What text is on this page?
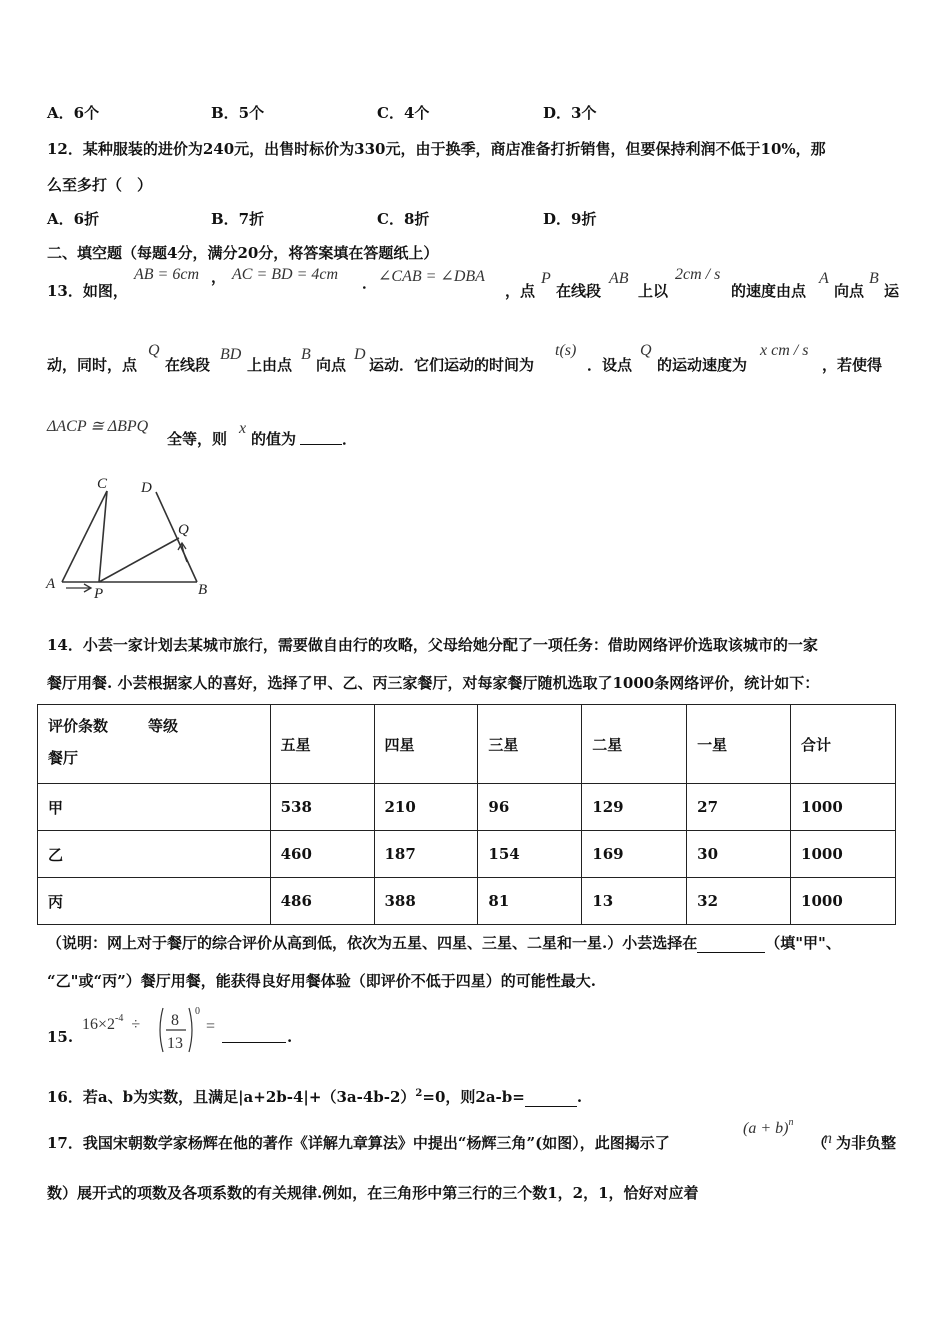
A．6个	B．5个	C．4个	D．3个
12．某种服装的进价为240元，出售时标价为330元，由于换季，商店准备打折销售，但要保持利润不低于10%，那
么至多打（　）
A．6折	B．7折	C．8折	D．9折
二、填空题（每题4分，满分20分，将答案填在答题纸上）
13．如图，
AB = 6cm ， AC = BD = 4cm ． ∠CAB = ∠DBA
，点
P
在线段
AB
上以
2cm / s
的速度由点
A
向点
B
运
动，同时，点
Q
在线段
BD
上由点
B
向点
D
运动．它们运动的时间为
t(s)
．设点
Q
的运动速度为
x cm / s
，若使得
ΔACP ≅ ΔBPQ
全等，则
x
的值为	．
A	B
C D
P
Q
14．小芸一家计划去某城市旅行，需要做自由行的攻略，父母给她分配了一项任务：借助网络评价选取该城市的一家
餐厅用餐. 小芸根据家人的喜好，选择了甲、乙、丙三家餐厅，对每家餐厅随机选取了1000条网络评价，统计如下：
评价条数 等级
餐厅	五星	四星	三星	二星	一星	合计
甲	538	210	96	129	27	1000
乙	460	187	154	169	30	1000
丙	486	388	81	13	32	1000
（说明：网上对于餐厅的综合评价从高到低，依次为五星、四星、三星、二星和一星.）小芸选择在	（填"甲"、
“乙"或“丙”）餐厅用餐，能获得良好用餐体验（即评价不低于四星）的可能性最大.
15.
$16\times 2^{-4} \div 8$
13
0
=
.
16．若a、b为实数，且满足$|a+2b-4|+(3a-4b-2)^2=0$，则2a-b=	.
17．我国宋朝数学家杨辉在他的著作《详解九章算法》中提出“杨辉三角”(如图），此图揭示了
$(a + b)^n$
（
n 为非负整
数）展开式的项数及各项系数的有关规律.例如，在三角形中第三行的三个数1，2，1，恰好对应着
